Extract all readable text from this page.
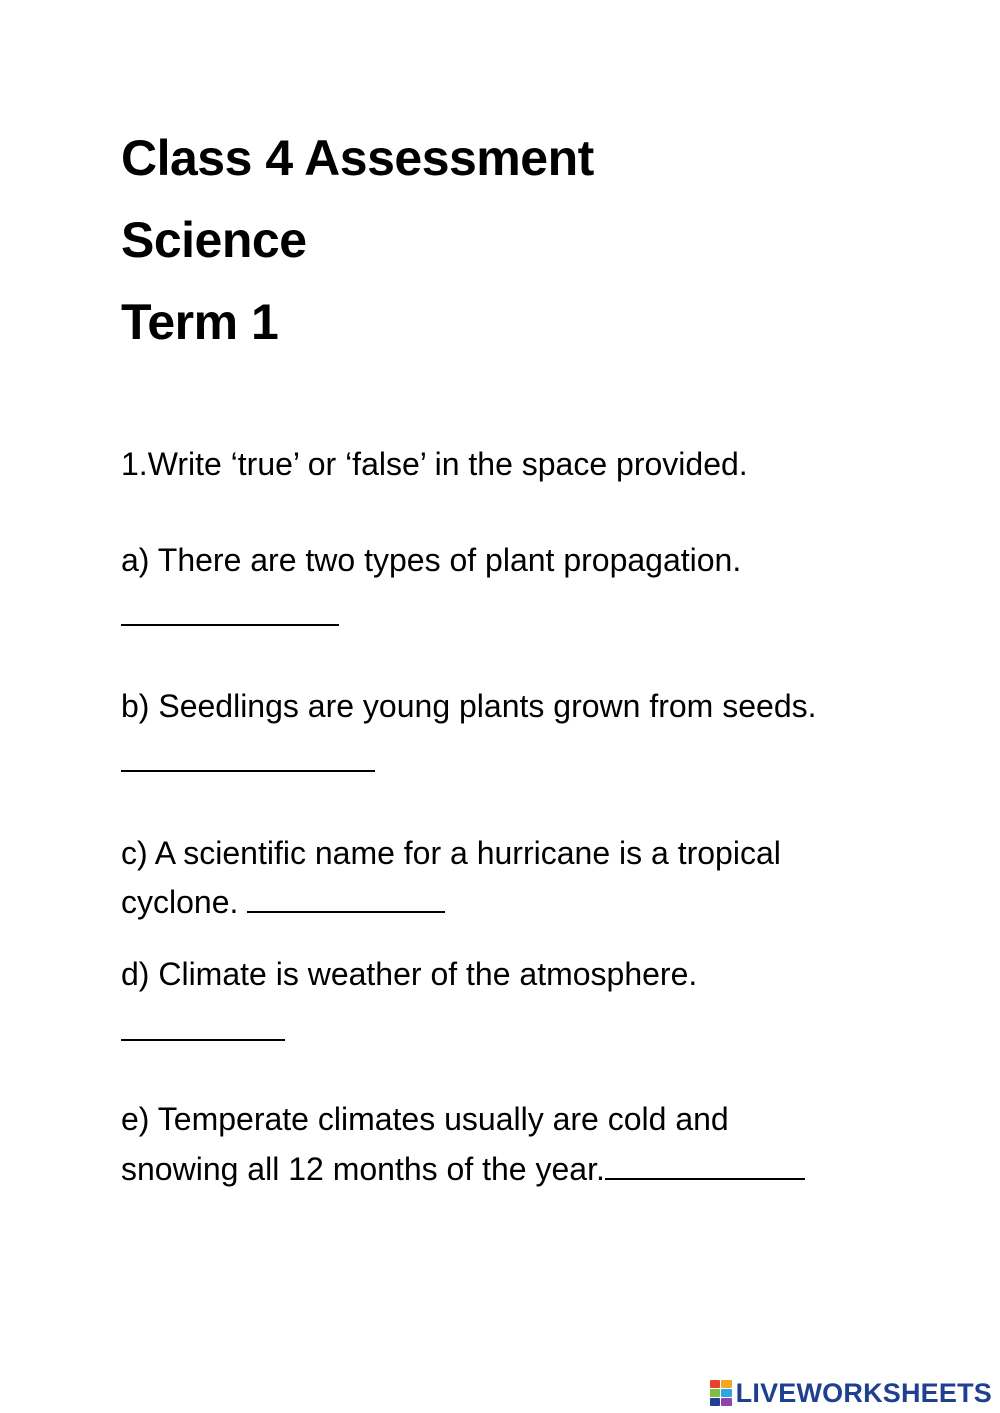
Class 4 Assessment
Science
Term 1

1.Write ‘true’ or ‘false’ in the space provided.

a) There are two types of plant propagation.

b) Seedlings are young plants grown from seeds.

c) A scientific name for a hurricane is a tropical

cyclone.

d) Climate is weather of the atmosphere.

e) Temperate climates usually are cold and

snowing all 12 months of the year.

LIVEWORKSHEETS
